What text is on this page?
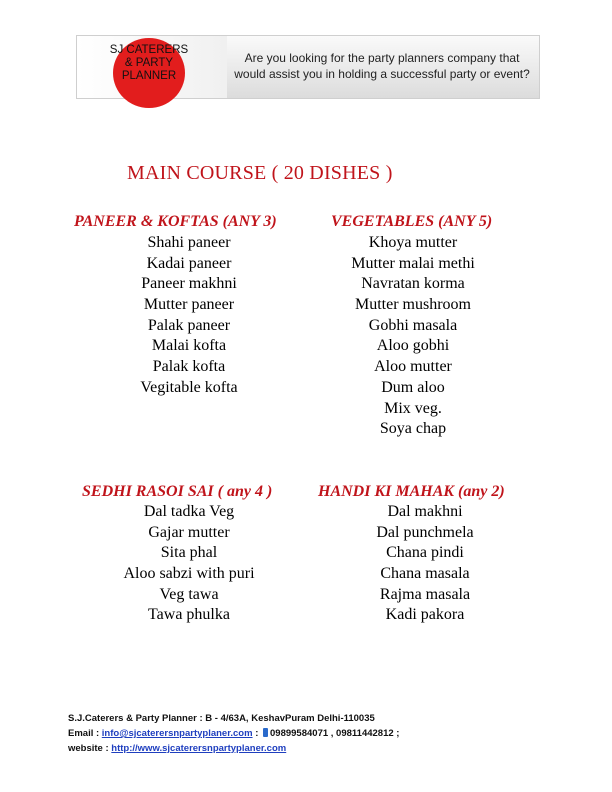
SJ CATERERS
& PARTY
PLANNER
Are you looking for the party planners company that
would assist you in holding a successful party or event?
MAIN COURSE ( 20 DISHES )
PANEER & KOFTAS (ANY 3)
Shahi paneer
Kadai paneer
Paneer makhni
Mutter paneer
Palak paneer
Malai kofta
Palak kofta
Vegitable kofta
VEGETABLES (ANY 5)
Khoya mutter
Mutter malai methi
Navratan korma
Mutter mushroom
Gobhi masala
Aloo gobhi
Aloo mutter
Dum aloo
Mix veg.
Soya chap
SEDHI RASOI SAI ( any 4 )
Dal tadka Veg
Gajar mutter
Sita phal
Aloo sabzi with puri
Veg tawa
Tawa phulka
HANDI KI MAHAK (any 2)
Dal makhni
Dal punchmela
Chana pindi
Chana masala
Rajma masala
Kadi pakora
S.J.Caterers & Party Planner : B - 4/63A, KeshavPuram Delhi-110035
Email : info@sjcaterersnpartyplaner.com : 09899584071 , 09811442812 ;
website : http://www.sjcaterersnpartyplaner.com
